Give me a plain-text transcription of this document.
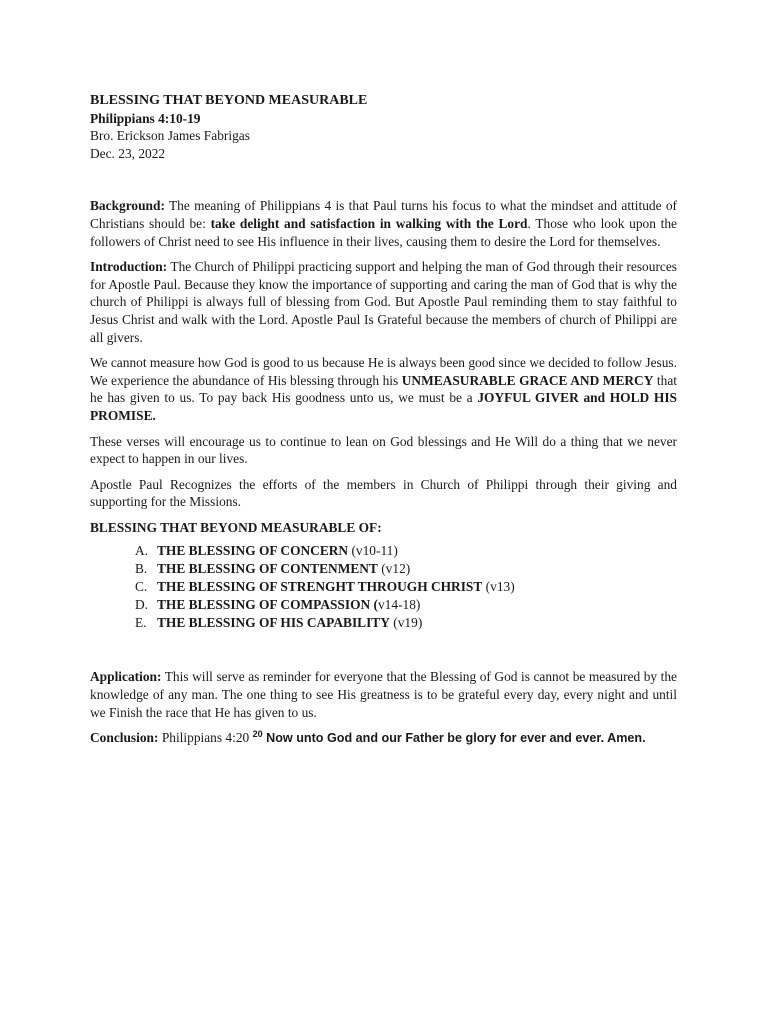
BLESSING THAT BEYOND MEASURABLE
Philippians 4:10-19
Bro. Erickson James Fabrigas
Dec. 23, 2022

Background: The meaning of Philippians 4 is that Paul turns his focus to what the mindset and attitude of Christians should be: take delight and satisfaction in walking with the Lord. Those who look upon the followers of Christ need to see His influence in their lives, causing them to desire the Lord for themselves.

Introduction: The Church of Philippi practicing support and helping the man of God through their resources for Apostle Paul. Because they know the importance of supporting and caring the man of God that is why the church of Philippi is always full of blessing from God. But Apostle Paul reminding them to stay faithful to Jesus Christ and walk with the Lord. Apostle Paul Is Grateful because the members of church of Philippi are all givers.

We cannot measure how God is good to us because He is always been good since we decided to follow Jesus. We experience the abundance of His blessing through his UNMEASURABLE GRACE AND MERCY that he has given to us. To pay back His goodness unto us, we must be a JOYFUL GIVER and HOLD HIS PROMISE.

These verses will encourage us to continue to lean on God blessings and He Will do a thing that we never expect to happen in our lives.

Apostle Paul Recognizes the efforts of the members in Church of Philippi through their giving and supporting for the Missions.

BLESSING THAT BEYOND MEASURABLE OF:
A. THE BLESSING OF CONCERN (v10-11)
B. THE BLESSING OF CONTENMENT (v12)
C. THE BLESSING OF STRENGHT THROUGH CHRIST (v13)
D. THE BLESSING OF COMPASSION (v14-18)
E. THE BLESSING OF HIS CAPABILITY (v19)

Application: This will serve as reminder for everyone that the Blessing of God is cannot be measured by the knowledge of any man. The one thing to see His greatness is to be grateful every day, every night and until we Finish the race that He has given to us.

Conclusion: Philippians 4:20 $^{20}$ Now unto God and our Father be glory for ever and ever. Amen.
